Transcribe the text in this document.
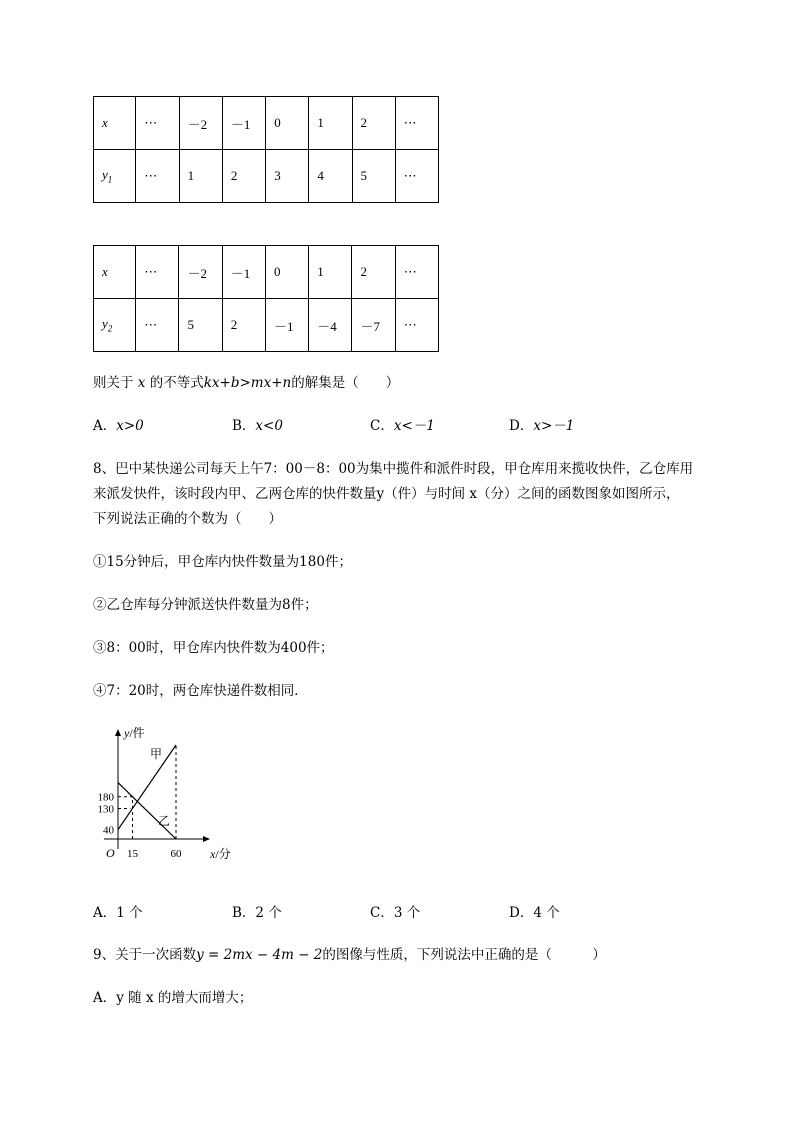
x	⋯	－2	－1	0	1	2	⋯
$y_1$	⋯	1	2	3	4	5	⋯
x	⋯	－2	－1	0	1	2	⋯
$y_2$	⋯	5	2	－1	－4	－7	⋯
则关于 x 的不等式kx+b>mx+n的解集是（　　）
A．x>0	B．x<0	C．x<－1	D．x>－1
8、巴中某快递公司每天上午7：00－8：00为集中揽件和派件时段，甲仓库用来揽收快件，乙仓库用
来派发快件，该时段内甲、乙两仓库的快件数量y（件）与时间 x（分）之间的函数图象如图所示，
下列说法正确的个数为（　　）
①15分钟后，甲仓库内快件数量为180件；
②乙仓库每分钟派送快件数量为8件；
③8：00时，甲仓库内快件数为400件；
④7：20时，两仓库快递件数相同．
x/分
y/件
O
40
130
180
15	60
甲
乙
A．1 个	B．2 个	C．3 个	D．4 个
9、关于一次函数y = 2mx − 4m − 2的图像与性质，下列说法中正确的是（　　　）
A．y 随 x 的增大而增大；
